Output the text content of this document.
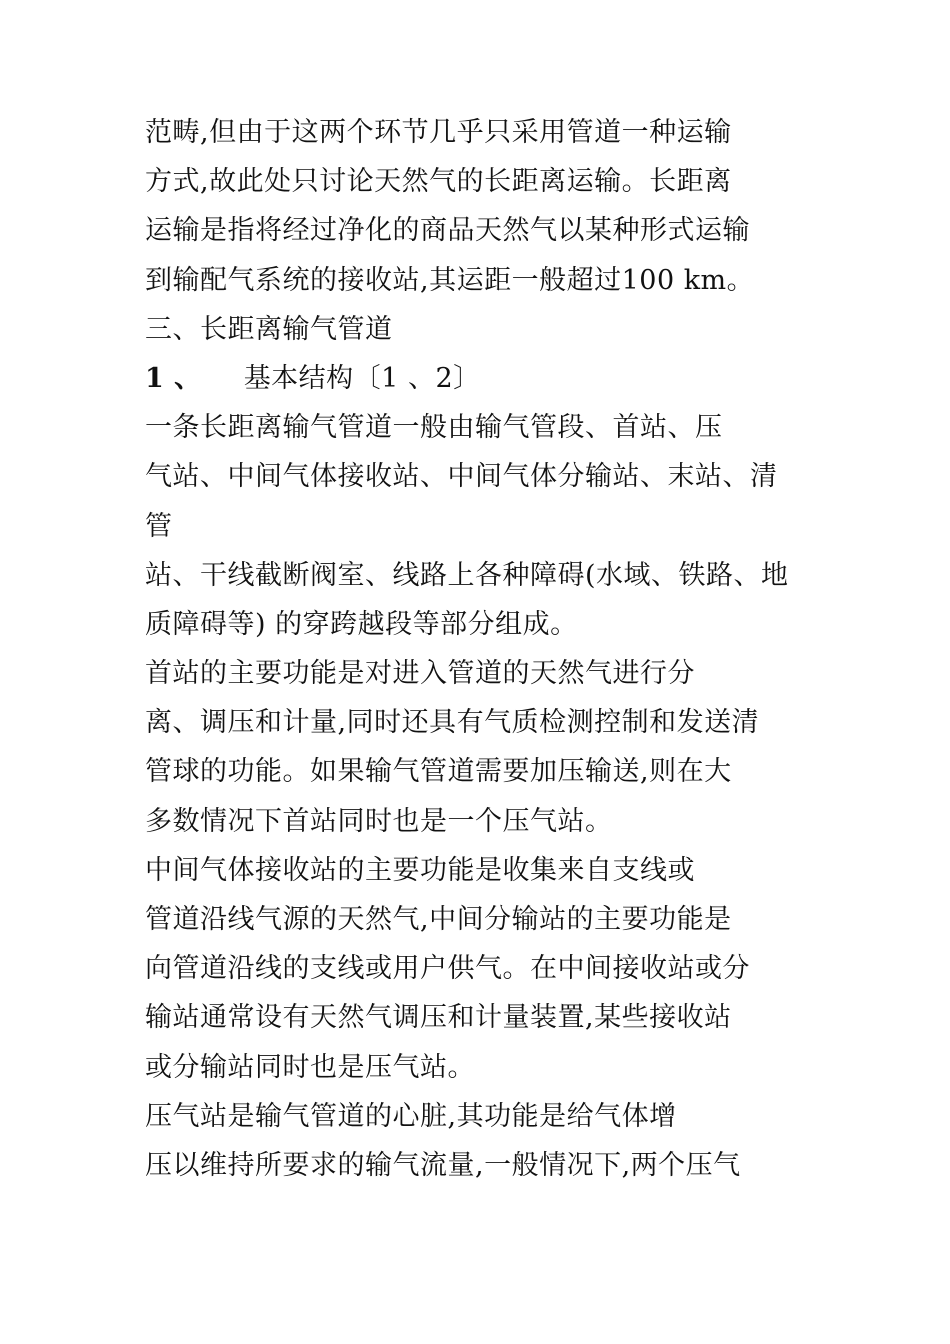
范畴,但由于这两个环节几乎只采用管道一种运输
方式,故此处只讨论天然气的长距离运输。长距离
运输是指将经过净化的商品天然气以某种形式运输
到输配气系统的接收站,其运距一般超过100 km。
三、长距离输气管道
1 、 基本结构〔1 、2〕
一条长距离输气管道一般由输气管段、首站、压
气站、中间气体接收站、中间气体分输站、末站、清
管
站、干线截断阀室、线路上各种障碍(水域、铁路、地
质障碍等) 的穿跨越段等部分组成。
首站的主要功能是对进入管道的天然气进行分
离、调压和计量,同时还具有气质检测控制和发送清
管球的功能。如果输气管道需要加压输送,则在大
多数情况下首站同时也是一个压气站。
中间气体接收站的主要功能是收集来自支线或
管道沿线气源的天然气,中间分输站的主要功能是
向管道沿线的支线或用户供气。在中间接收站或分
输站通常设有天然气调压和计量装置,某些接收站
或分输站同时也是压气站。
压气站是输气管道的心脏,其功能是给气体增
压以维持所要求的输气流量,一般情况下,两个压气
